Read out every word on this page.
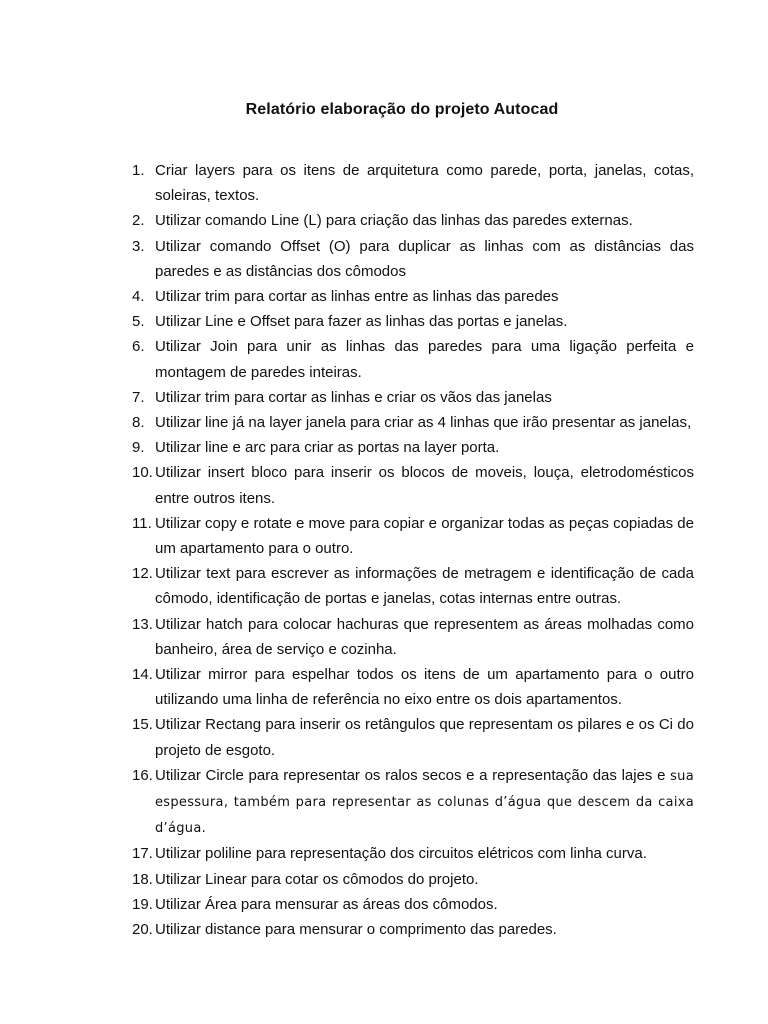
Relatório elaboração do projeto Autocad
1. Criar layers para os itens de arquitetura como parede, porta, janelas, cotas, soleiras, textos.
2. Utilizar comando Line (L) para criação das linhas das paredes externas.
3. Utilizar comando Offset (O) para duplicar as linhas com as distâncias das paredes e as distâncias dos cômodos
4. Utilizar trim para cortar as linhas entre as linhas das paredes
5. Utilizar Line e Offset para fazer as linhas das portas e janelas.
6. Utilizar Join para unir as linhas das paredes para uma ligação perfeita e montagem de paredes inteiras.
7. Utilizar trim para cortar as linhas e criar os vãos das janelas
8. Utilizar line já na layer janela para criar as 4 linhas que irão presentar as janelas,
9. Utilizar line e arc para criar as portas na layer porta.
10. Utilizar insert bloco para inserir os blocos de moveis, louça, eletrodomésticos entre outros itens.
11. Utilizar copy e rotate e move para copiar e organizar todas as peças copiadas de um apartamento para o outro.
12. Utilizar text para escrever as informações de metragem e identificação de cada cômodo, identificação de portas e janelas, cotas internas entre outras.
13. Utilizar hatch para colocar hachuras que representem as áreas molhadas como banheiro, área de serviço e cozinha.
14. Utilizar mirror para espelhar todos os itens de um apartamento para o outro utilizando uma linha de referência no eixo entre os dois apartamentos.
15. Utilizar Rectang para inserir os retângulos que representam os pilares e os Ci do projeto de esgoto.
16. Utilizar Circle para representar os ralos secos e a representação das lajes e sua espessura, também para representar as colunas d’água que descem da caixa d’água.
17. Utilizar poliline para representação dos circuitos elétricos com linha curva.
18. Utilizar Linear para cotar os cômodos do projeto.
19. Utilizar Área para mensurar as áreas dos cômodos.
20. Utilizar distance para mensurar o comprimento das paredes.
